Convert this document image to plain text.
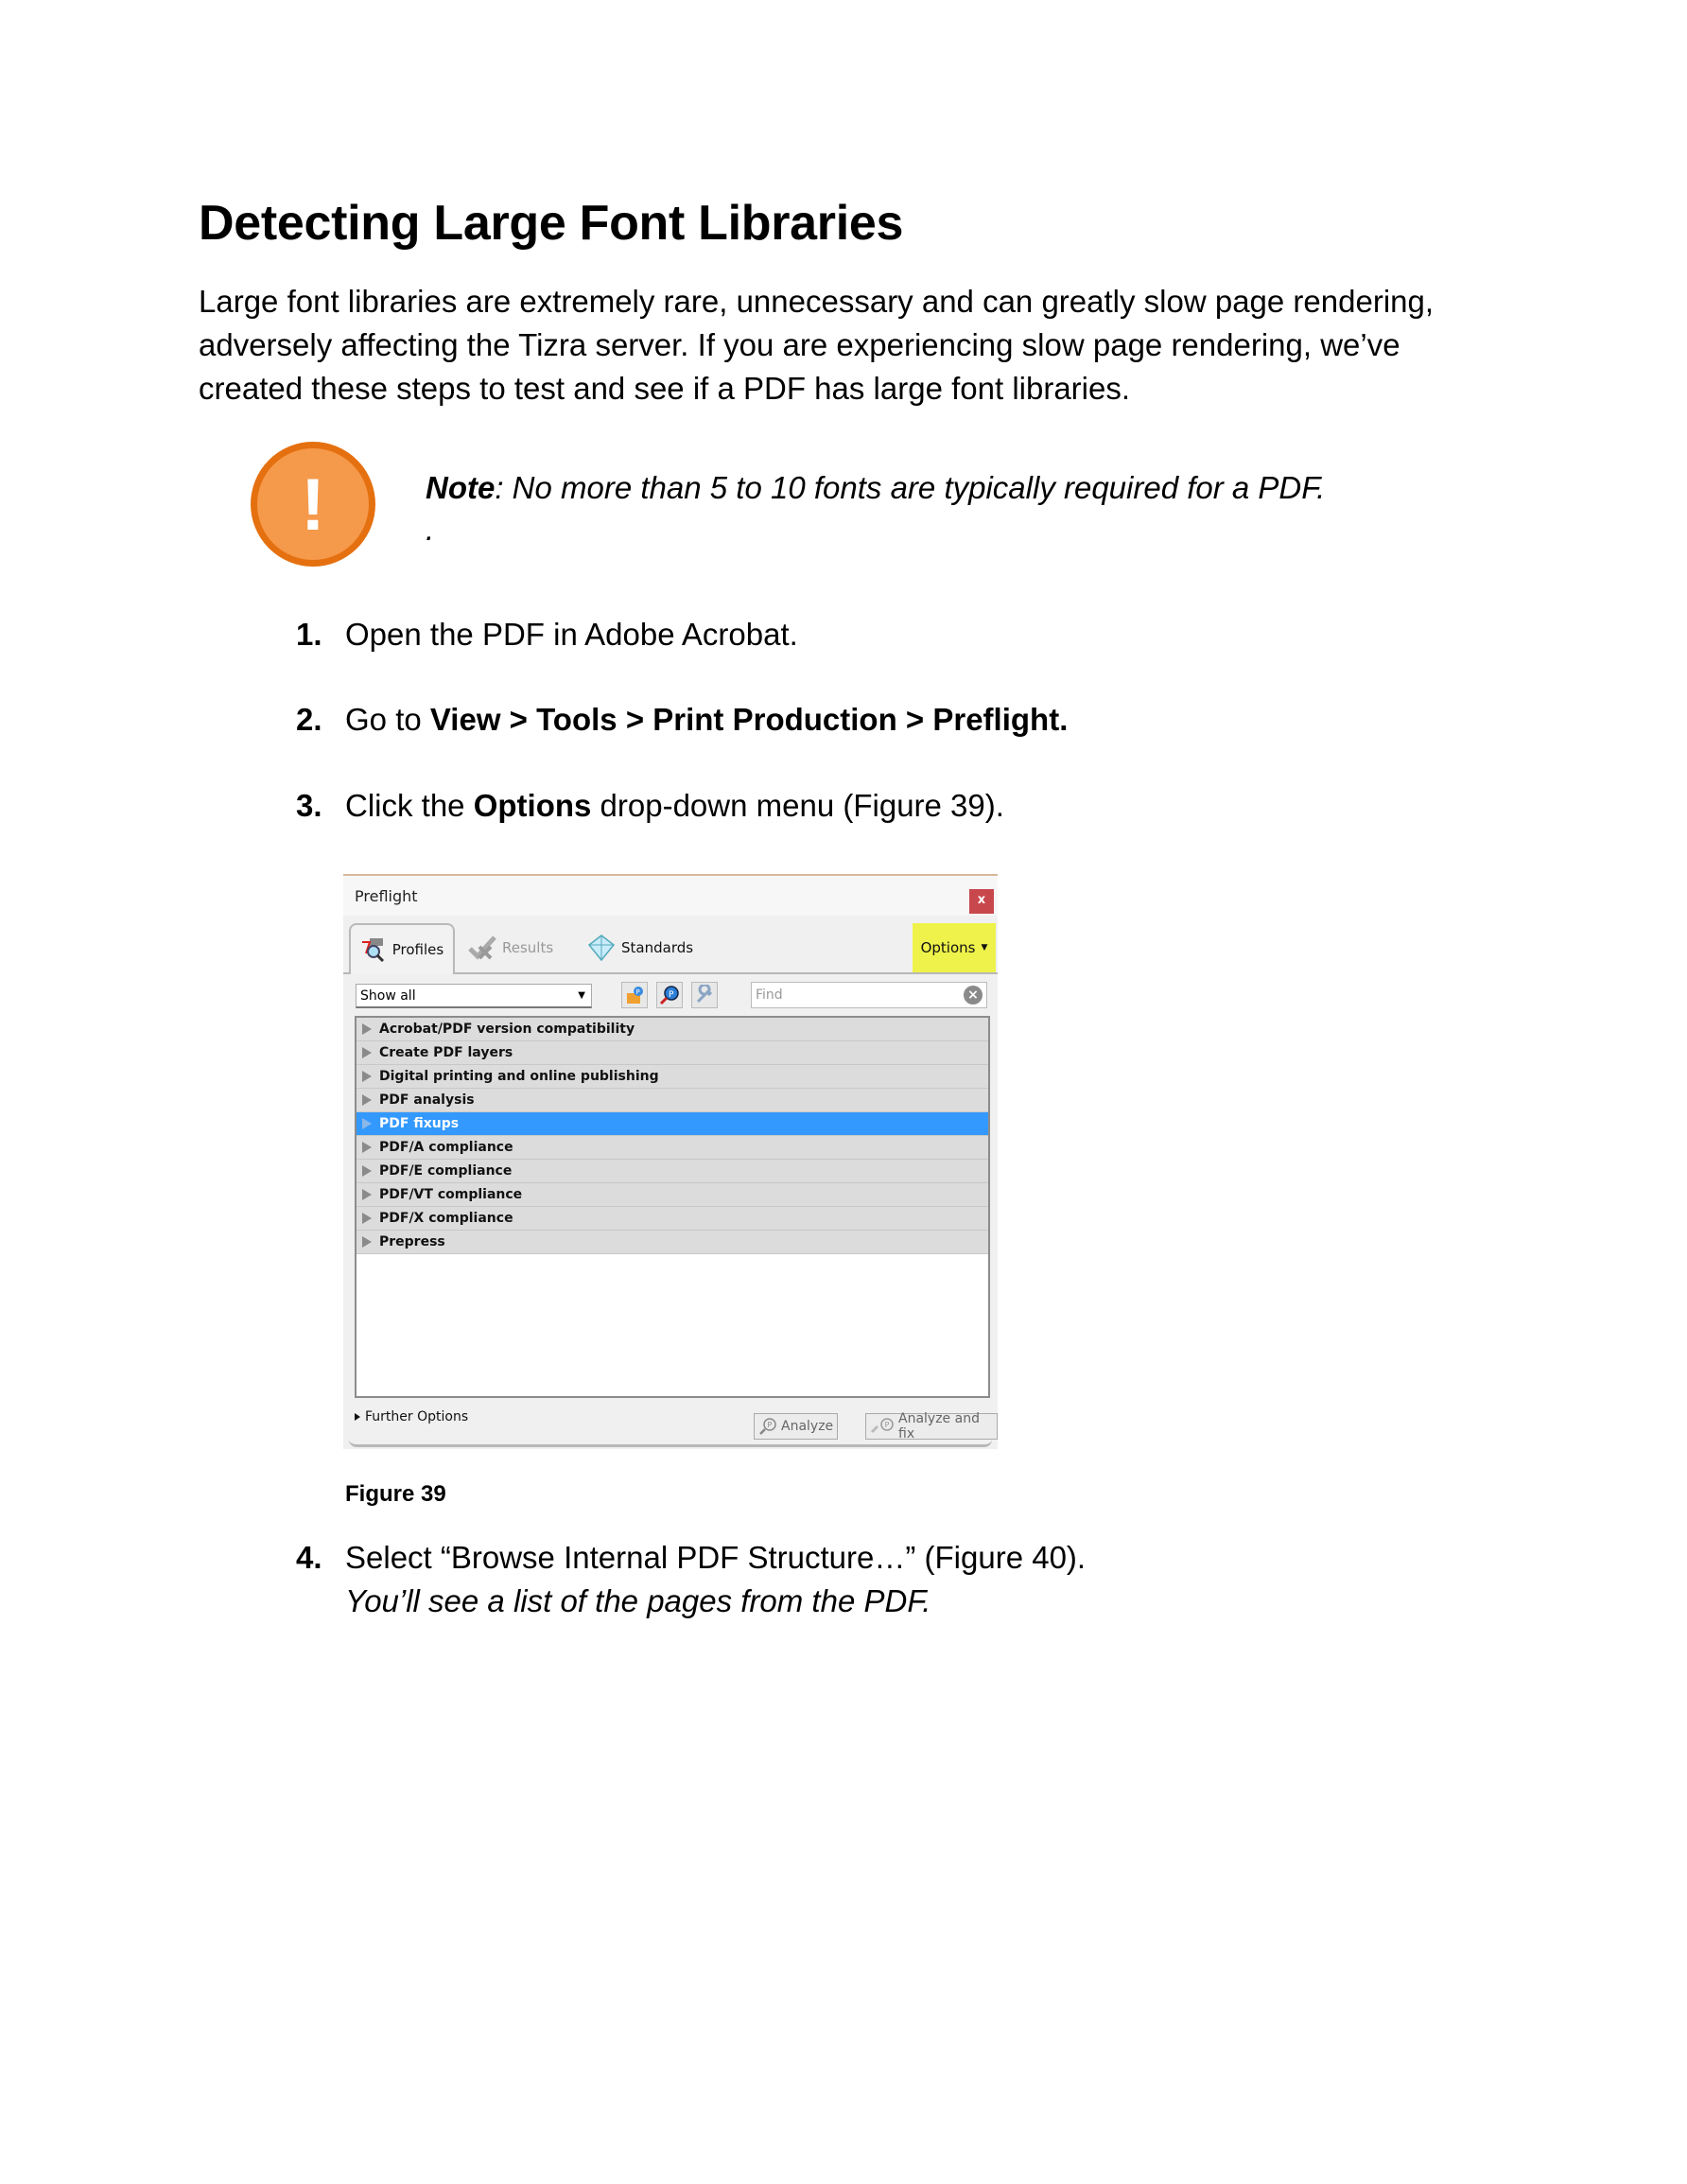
Detecting Large Font Libraries

Large font libraries are extremely rare, unnecessary and can greatly slow page rendering, adversely affecting the Tizra server. If you are experiencing slow page rendering, we’ve created these steps to test and see if a PDF has large font libraries.

!	Note: No more than 5 to 10 fonts are typically required for a PDF.
.

1. Open the PDF in Adobe Acrobat.
2. Go to View > Tools > Print Production > Preflight.
3. Click the Options drop-down menu (Figure 39).
Preflight	x
Profiles	Results	Standards	Options ▼
Show all	▼	P	P	Find	×
Acrobat/PDF version compatibility
Create PDF layers
Digital printing and online publishing
PDF analysis
PDF fixups
PDF/A compliance
PDF/E compliance
PDF/VT compliance
PDF/X compliance
Prepress
Further Options
P Analyze	P Analyze and fix
Figure 39
4. Select “Browse Internal PDF Structure…” (Figure 40).
You’ll see a list of the pages from the PDF.
